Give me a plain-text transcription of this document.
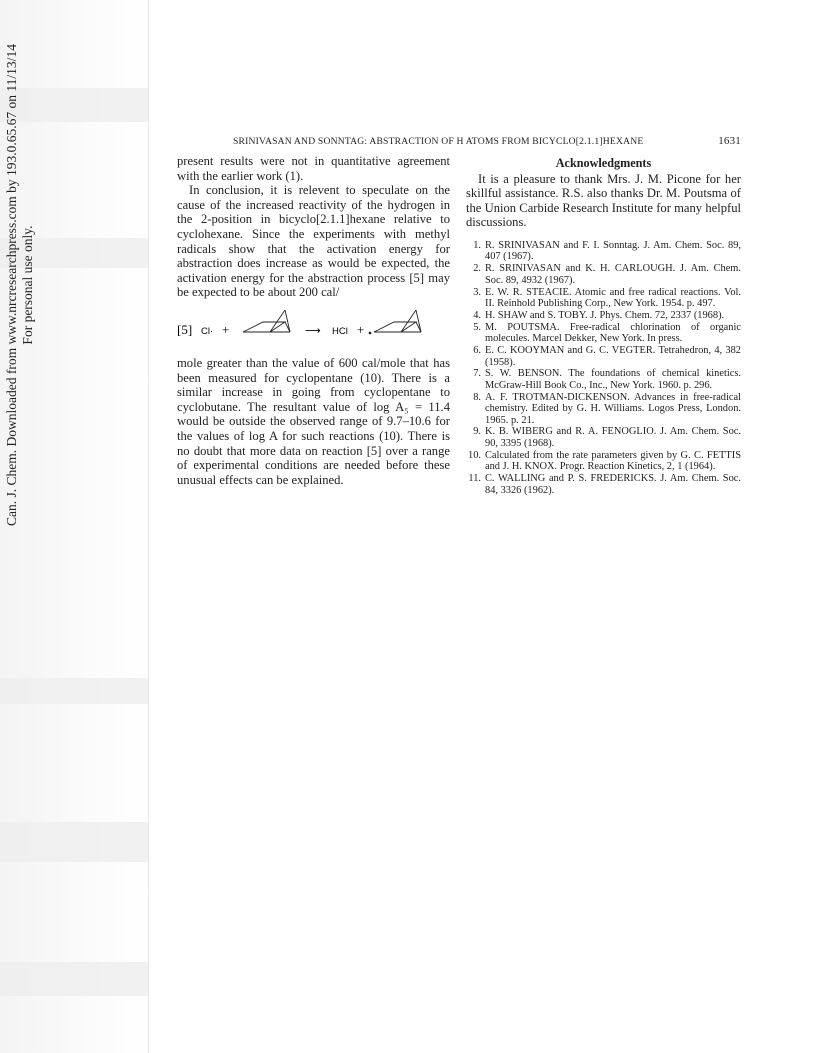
Can. J. Chem. Downloaded from www.nrcresearchpress.com by 193.0.65.67 on 11/13/14 For personal use only.
SRINIVASAN AND SONNTAG: ABSTRACTION OF H ATOMS FROM BICYCLO[2.1.1]HEXANE	1631

present results were not in quantitative agreement with the earlier work (1).

In conclusion, it is relevent to speculate on the cause of the increased reactivity of the hydrogen in the 2-position in bicyclo[2.1.1]hexane relative to cyclohexane. Since the experiments with methyl radicals show that the activation energy for abstraction does increase as would be expected, the activation energy for the abstraction process [5] may be expected to be about 200 cal/

[5] Cl· +	⟶ HCl +

mole greater than the value of 600 cal/mole that has been measured for cyclopentane (10). There is a similar increase in going from cyclopentane to cyclobutane. The resultant value of log A₅ = 11.4 would be outside the observed range of 9.7–10.6 for the values of log A for such reactions (10). There is no doubt that more data on reaction [5] over a range of experimental conditions are needed before these unusual effects can be explained.

Acknowledgments

It is a pleasure to thank Mrs. J. M. Picone for her skillful assistance. R.S. also thanks Dr. M. Poutsma of the Union Carbide Research Institute for many helpful discussions.

1. R. SRINIVASAN and F. I. Sonntag. J. Am. Chem. Soc. 89, 407 (1967).
2. R. SRINIVASAN and K. H. CARLOUGH. J. Am. Chem. Soc. 89, 4932 (1967).
3. E. W. R. STEACIE. Atomic and free radical reactions. Vol. II. Reinhold Publishing Corp., New York. 1954. p. 497.
4. H. SHAW and S. TOBY. J. Phys. Chem. 72, 2337 (1968).
5. M. POUTSMA. Free-radical chlorination of organic molecules. Marcel Dekker, New York. In press.
6. E. C. KOOYMAN and G. C. VEGTER. Tetrahedron, 4, 382 (1958).
7. S. W. BENSON. The foundations of chemical kinetics. McGraw-Hill Book Co., Inc., New York. 1960. p. 296.
8. A. F. TROTMAN-DICKENSON. Advances in free-radical chemistry. Edited by G. H. Williams. Logos Press, London. 1965. p. 21.
9. K. B. WIBERG and R. A. FENOGLIO. J. Am. Chem. Soc. 90, 3395 (1968).
10. Calculated from the rate parameters given by G. C. FETTIS and J. H. KNOX. Progr. Reaction Kinetics, 2, 1 (1964).
11. C. WALLING and P. S. FREDERICKS. J. Am. Chem. Soc. 84, 3326 (1962).
